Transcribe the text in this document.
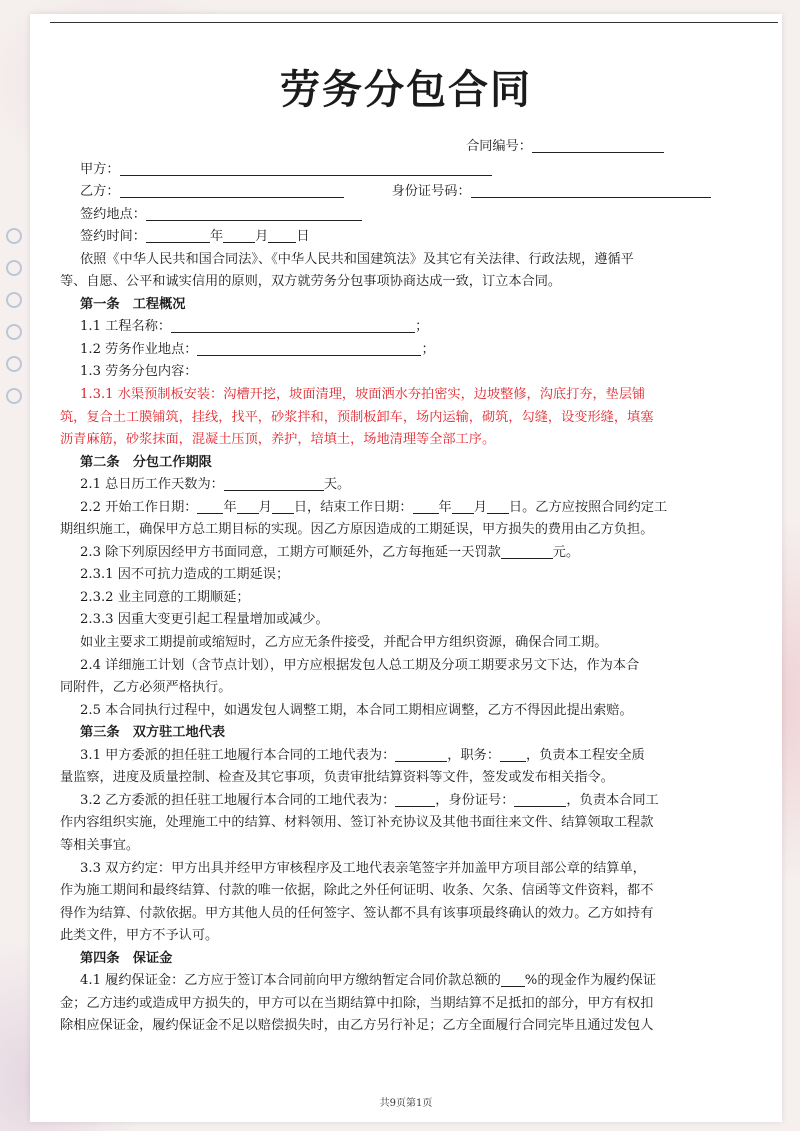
劳务分包合同

合同编号：

甲方：

乙方：	身份证号码：

签约地点：

签约时间：	年 月 日

依照《中华人民共和国合同法》、《中华人民共和国建筑法》及其它有关法律、行政法规，遵循平

等、自愿、公平和诚实信用的原则，双方就劳务分包事项协商达成一致，订立本合同。

第一条　工程概况

1.1 工程名称：	；

1.2 劳务作业地点：	；

1.3 劳务分包内容：

1.3.1 水渠预制板安装：沟槽开挖，坡面清理，坡面洒水夯拍密实，边坡整修，沟底打夯，垫层铺

筑，复合土工膜铺筑，挂线，找平，砂浆拌和，预制板卸车，场内运输，砌筑，勾缝，设变形缝，填塞

沥青麻筋，砂浆抹面，混凝土压顶，养护，培填土，场地清理等全部工序。

第二条　分包工作期限

2.1 总日历工作天数为：	天。

2.2 开始工作日期： 年 月 日，结束工作日期： 年 月 日。乙方应按照合同约定工

期组织施工，确保甲方总工期目标的实现。因乙方原因造成的工期延误，甲方损失的费用由乙方负担。

2.3 除下列原因经甲方书面同意，工期方可顺延外，乙方每拖延一天罚款	元。

2.3.1 因不可抗力造成的工期延误；

2.3.2 业主同意的工期顺延；

2.3.3 因重大变更引起工程量增加或减少。

如业主要求工期提前或缩短时，乙方应无条件接受，并配合甲方组织资源，确保合同工期。

2.4 详细施工计划（含节点计划），甲方应根据发包人总工期及分项工期要求另文下达，作为本合

同附件，乙方必须严格执行。

2.5 本合同执行过程中，如遇发包人调整工期，本合同工期相应调整，乙方不得因此提出索赔。

第三条　双方驻工地代表

3.1 甲方委派的担任驻工地履行本合同的工地代表为：	，职务： ，负责本工程安全质

量监察，进度及质量控制、检查及其它事项，负责审批结算资料等文件，签发或发布相关指令。

3.2 乙方委派的担任驻工地履行本合同的工地代表为：	，身份证号：	，负责本合同工

作内容组织实施，处理施工中的结算、材料领用、签订补充协议及其他书面往来文件、结算领取工程款

等相关事宜。

3.3 双方约定：甲方出具并经甲方审核程序及工地代表亲笔签字并加盖甲方项目部公章的结算单，

作为施工期间和最终结算、付款的唯一依据，除此之外任何证明、收条、欠条、信函等文件资料，都不

得作为结算、付款依据。甲方其他人员的任何签字、签认都不具有该事项最终确认的效力。乙方如持有

此类文件，甲方不予认可。

第四条　保证金

4.1 履约保证金：乙方应于签订本合同前向甲方缴纳暂定合同价款总额的 %的现金作为履约保证

金；乙方违约或造成甲方损失的，甲方可以在当期结算中扣除，当期结算不足抵扣的部分，甲方有权扣

除相应保证金，履约保证金不足以赔偿损失时，由乙方另行补足；乙方全面履行合同完毕且通过发包人

共9页第1页
